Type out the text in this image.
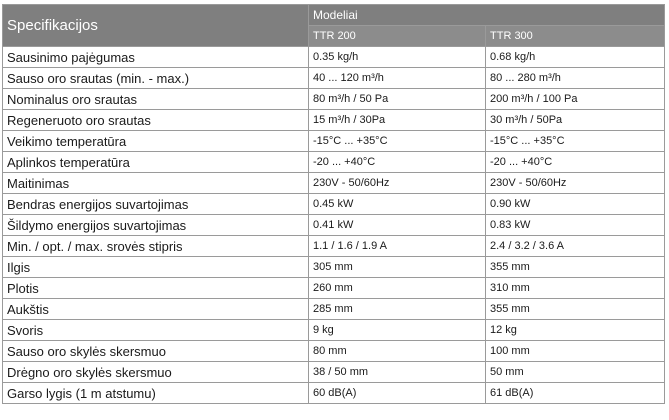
Specifikacijos	Modeliai	
	TTR 200	TTR 300
Sausinimo pajėgumas	0.35 kg/h	0.68 kg/h
Sauso oro srautas (min. - max.)	40 ... 120 m³/h	80 ... 280 m³/h
Nominalus oro srautas	80 m³/h / 50 Pa	200 m³/h / 100 Pa
Regeneruoto oro srautas	15 m³/h / 30Pa	30 m³/h / 50Pa
Veikimo temperatūra	-15°C ... +35°C	-15°C ... +35°C
Aplinkos temperatūra	-20 ... +40°C	-20 ... +40°C
Maitinimas	230V - 50/60Hz	230V - 50/60Hz
Bendras energijos suvartojimas	0.45 kW	0.90 kW
Šildymo energijos suvartojimas	0.41 kW	0.83 kW
Min. / opt. / max. srovės stipris	1.1 / 1.6 / 1.9 A	2.4 / 3.2 / 3.6 A
Ilgis	305 mm	355 mm
Plotis	260 mm	310 mm
Aukštis	285 mm	355 mm
Svoris	9 kg	12 kg
Sauso oro skylės skersmuo	80 mm	100 mm
Drėgno oro skylės skersmuo	38 / 50 mm	50 mm
Garso lygis (1 m atstumu)	60 dB(A)	61 dB(A)
